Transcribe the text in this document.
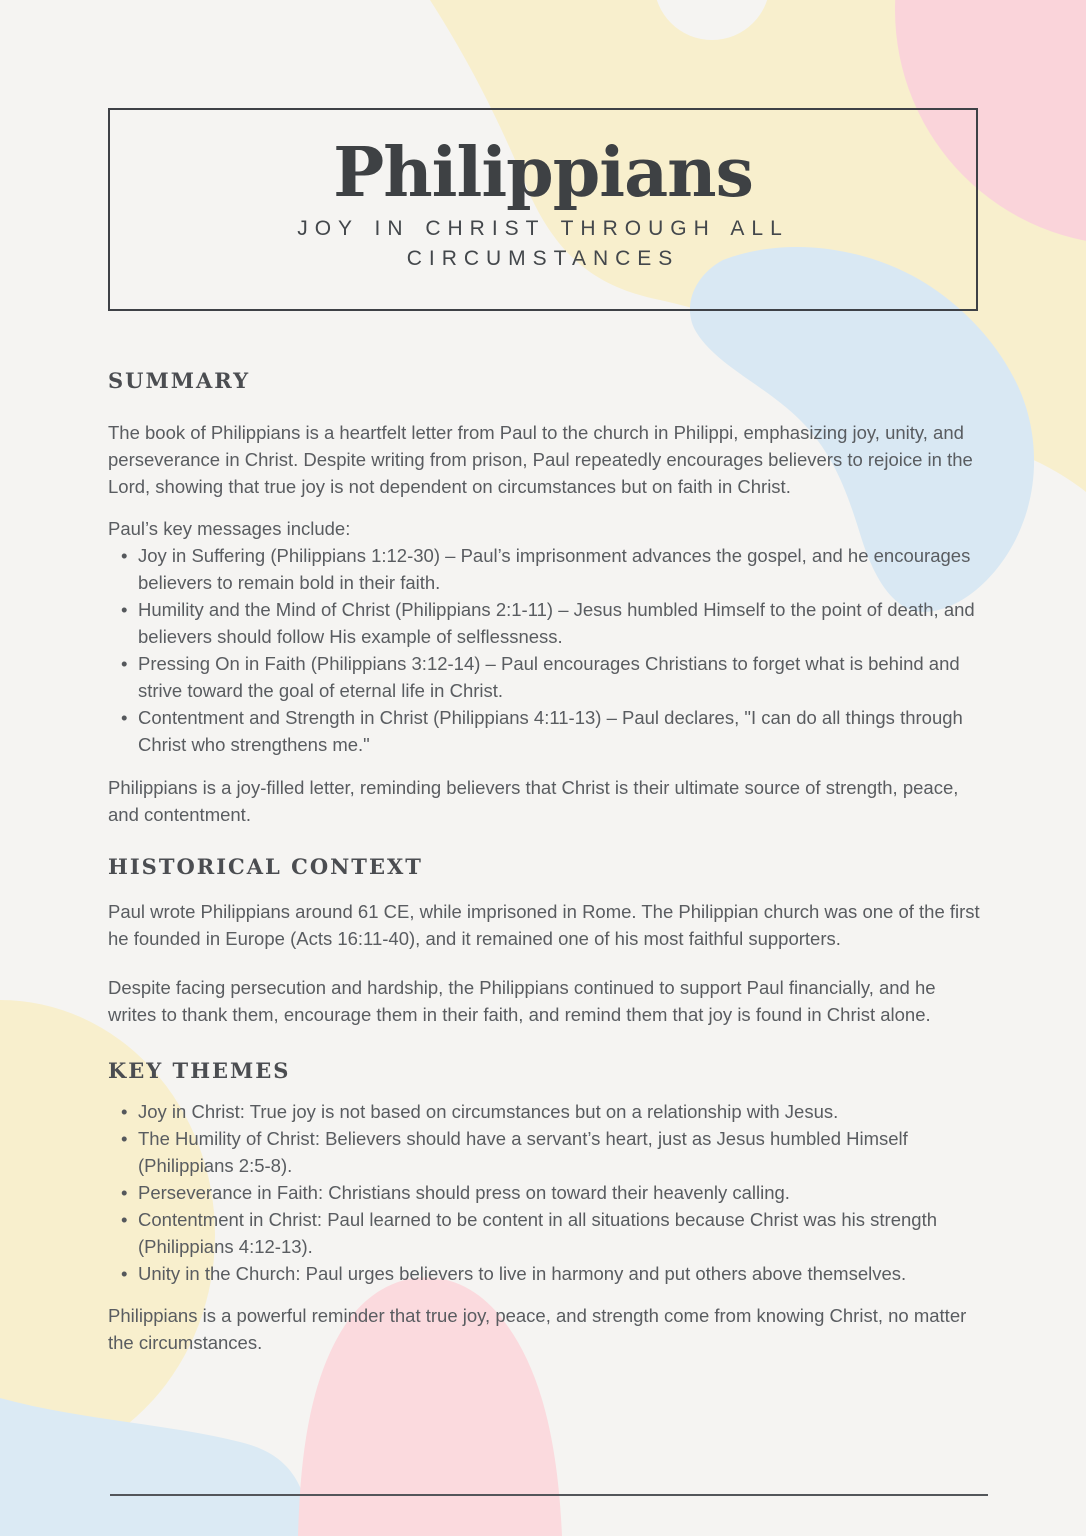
Philippians
JOY IN CHRIST THROUGH ALL
CIRCUMSTANCES
SUMMARY

The book of Philippians is a heartfelt letter from Paul to the church in Philippi, emphasizing joy, unity, and perseverance in Christ. Despite writing from prison, Paul repeatedly encourages believers to rejoice in the Lord, showing that true joy is not dependent on circumstances but on faith in Christ.

Paul’s key messages include:

• Joy in Suffering (Philippians 1:12-30) – Paul’s imprisonment advances the gospel, and he encourages believers to remain bold in their faith.
• Humility and the Mind of Christ (Philippians 2:1-11) – Jesus humbled Himself to the point of death, and believers should follow His example of selflessness.
• Pressing On in Faith (Philippians 3:12-14) – Paul encourages Christians to forget what is behind and strive toward the goal of eternal life in Christ.
• Contentment and Strength in Christ (Philippians 4:11-13) – Paul declares, "I can do all things through Christ who strengthens me."

Philippians is a joy-filled letter, reminding believers that Christ is their ultimate source of strength, peace, and contentment.

HISTORICAL CONTEXT

Paul wrote Philippians around 61 CE, while imprisoned in Rome. The Philippian church was one of the first he founded in Europe (Acts 16:11-40), and it remained one of his most faithful supporters.

Despite facing persecution and hardship, the Philippians continued to support Paul financially, and he writes to thank them, encourage them in their faith, and remind them that joy is found in Christ alone.

KEY THEMES
• Joy in Christ: True joy is not based on circumstances but on a relationship with Jesus.
• The Humility of Christ: Believers should have a servant’s heart, just as Jesus humbled Himself (Philippians 2:5-8).
• Perseverance in Faith: Christians should press on toward their heavenly calling.
• Contentment in Christ: Paul learned to be content in all situations because Christ was his strength (Philippians 4:12-13).
• Unity in the Church: Paul urges believers to live in harmony and put others above themselves.

Philippians is a powerful reminder that true joy, peace, and strength come from knowing Christ, no matter the circumstances.
